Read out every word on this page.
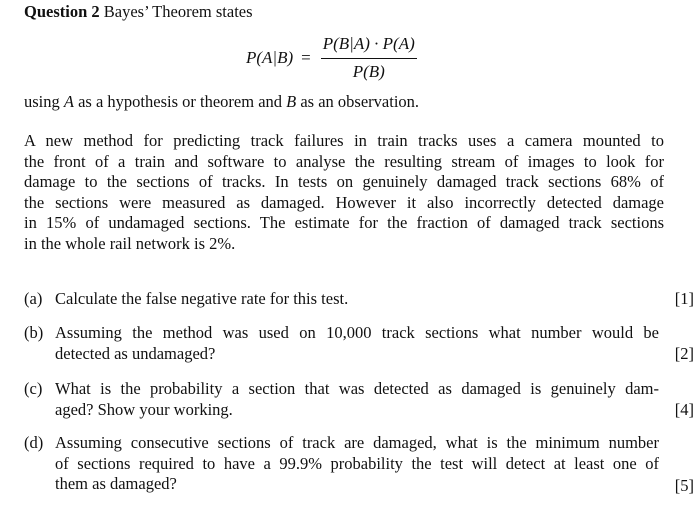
Question 2 Bayes’ Theorem states
$P(A|B) = \frac{P(B|A) \cdot P(A)}{P(B)}$
using A as a hypothesis or theorem and B as an observation.
A new method for predicting track failures in train tracks uses a camera mounted to
the front of a train and software to analyse the resulting stream of images to look for
damage to the sections of tracks. In tests on genuinely damaged track sections 68% of
the sections were measured as damaged. However it also incorrectly detected damage
in 15% of undamaged sections. The estimate for the fraction of damaged track sections
in the whole rail network is 2%.
(a) Calculate the false negative rate for this test.	[1]
(b) Assuming the method was used on 10,000 track sections what number would be
detected as undamaged?	[2]
(c) What is the probability a section that was detected as damaged is genuinely dam-
aged? Show your working.	[4]
(d) Assuming consecutive sections of track are damaged, what is the minimum number
of sections required to have a 99.9% probability the test will detect at least one of
them as damaged?	[5]
